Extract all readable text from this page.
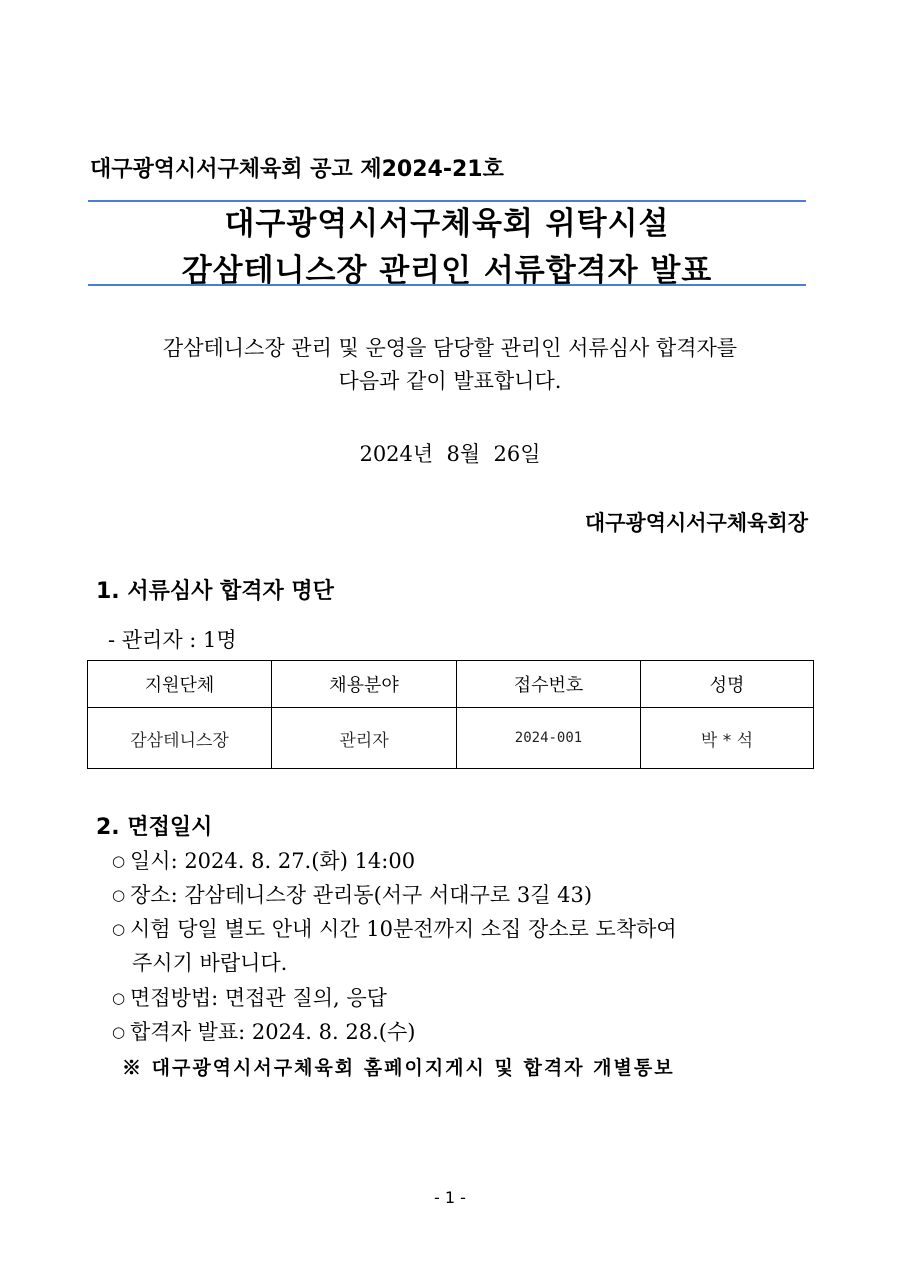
대구광역시서구체육회 공고 제2024-21호
대구광역시서구체육회 위탁시설
감삼테니스장 관리인 서류합격자 발표
감삼테니스장 관리 및 운영을 담당할 관리인 서류심사 합격자를
다음과 같이 발표합니다.
2024년  8월  26일
대구광역시서구체육회장
1. 서류심사 합격자 명단
- 관리자 : 1명
지원단체	채용분야	접수번호	성명
감삼테니스장	관리자	2024-001	박 * 석
2. 면접일시
○ 일시: 2024. 8. 27.(화) 14:00
○ 장소: 감삼테니스장 관리동(서구 서대구로 3길 43)
○ 시험 당일 별도 안내 시간 10분전까지 소집 장소로 도착하여
주시기 바랍니다.
○ 면접방법: 면접관 질의, 응답
○ 합격자 발표: 2024. 8. 28.(수)
※ 대구광역시서구체육회 홈페이지게시 및 합격자 개별통보
- 1 -
